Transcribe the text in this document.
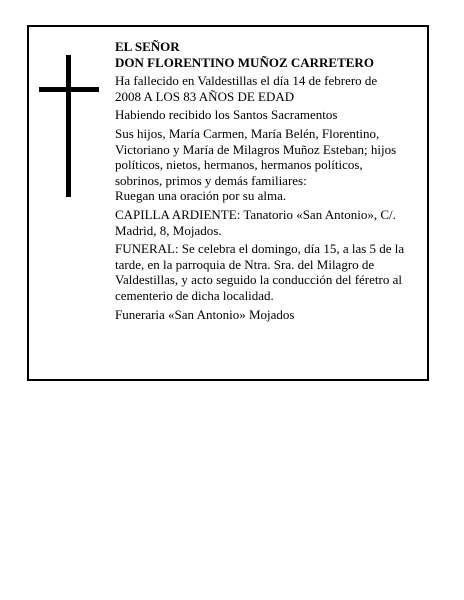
EL SEÑOR
DON FLORENTINO MUÑOZ CARRETERO
Ha fallecido en Valdestillas el día 14 de febrero de
2008 A LOS 83 AÑOS DE EDAD
Habiendo recibido los Santos Sacramentos
Sus hijos, María Carmen, María Belén, Florentino,
Victoriano y María de Milagros Muñoz Esteban; hijos
políticos, nietos, hermanos, hermanos políticos,
sobrinos, primos y demás familiares:
Ruegan una oración por su alma.
CAPILLA ARDIENTE: Tanatorio «San Antonio», C/.
Madrid, 8, Mojados.
FUNERAL: Se celebra el domingo, día 15, a las 5 de la
tarde, en la parroquia de Ntra. Sra. del Milagro de
Valdestillas, y acto seguido la conducción del féretro al
cementerio de dicha localidad.
Funeraria «San Antonio» Mojados
